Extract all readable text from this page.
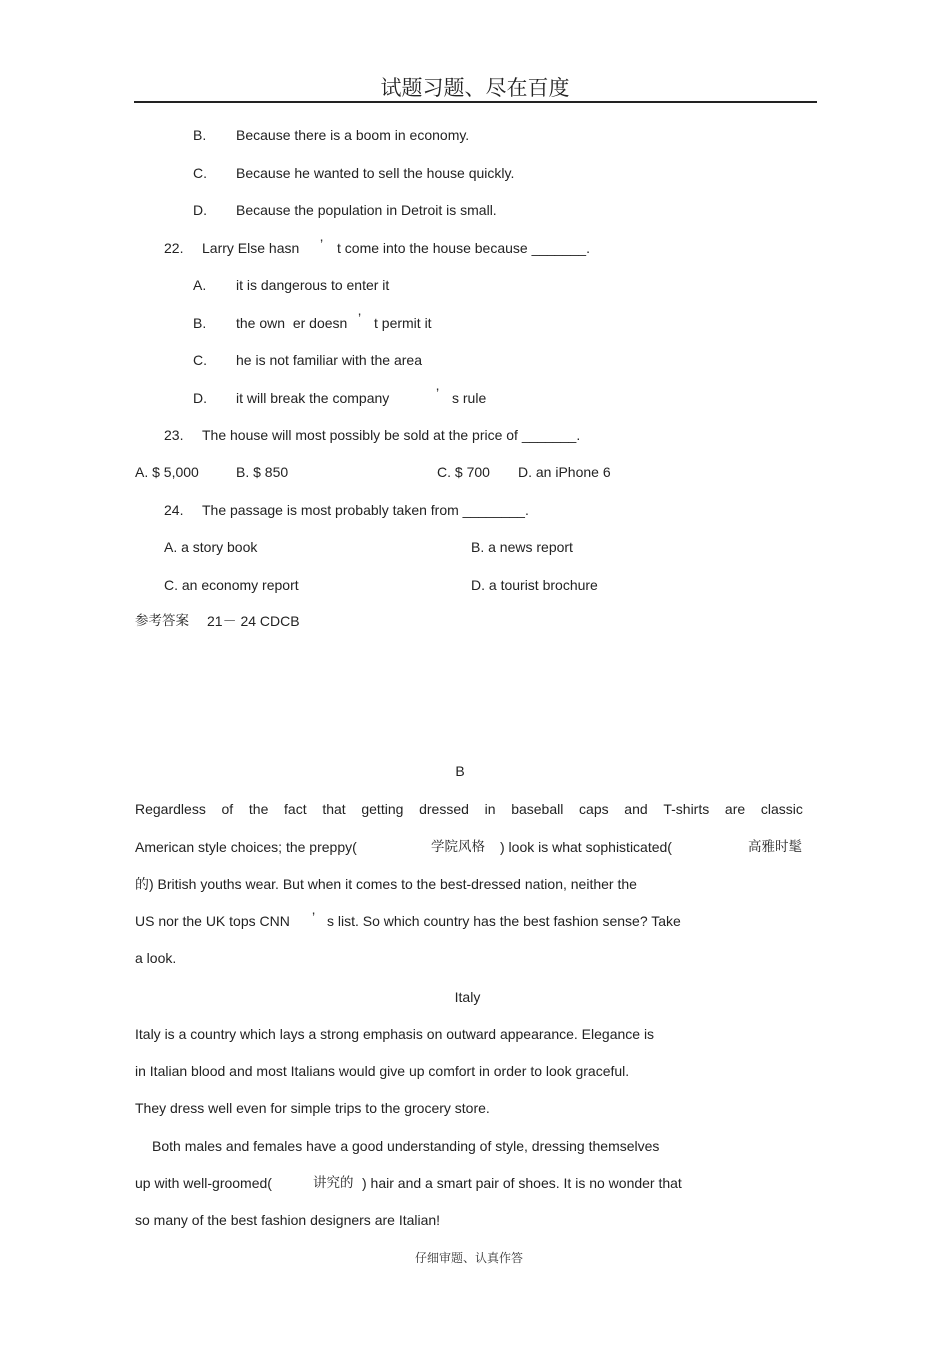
试题习题、尽在百度
B. Because there is a boom in economy.
C. Because he wanted to sell the house quickly.
D. Because the population in Detroit is small.
22. Larry Else hasn ’ t come into the house because _______.
A. it is dangerous to enter it
B. the own  er doesn ’ t permit it
C. he is not familiar with the area
D. it will break the company	’ s rule
23. The house will most possibly be sold at the price of _______.
A. $ 5,000	B. $ 850	C. $ 700 D. an iPhone 6
24. The passage is most probably taken from ________.
A. a story book	B. a news report
C. an economy report	D. a tourist brochure
参考答案 21－ 24 CDCB
B
Regardless of the fact that getting dressed in baseball caps and T-shirts are classic
American style choices; the preppy(	学院风格 ) look is what sophisticated(	高雅时髦
的) British youths wear. But when it comes to the best-dressed nation, neither the
US nor the UK tops CNN ’ s list. So which country has the best fashion sense? Take
a look.
Italy
Italy is a country which lays a strong emphasis on outward appearance. Elegance is
in Italian blood and most Italians would give up comfort in order to look graceful.
They dress well even for simple trips to the grocery store.
Both males and females have a good understanding of style, dressing themselves
up with well-groomed(	讲究的 ) hair and a smart pair of shoes. It is no wonder that
so many of the best fashion designers are Italian!
仔细审题、认真作答
